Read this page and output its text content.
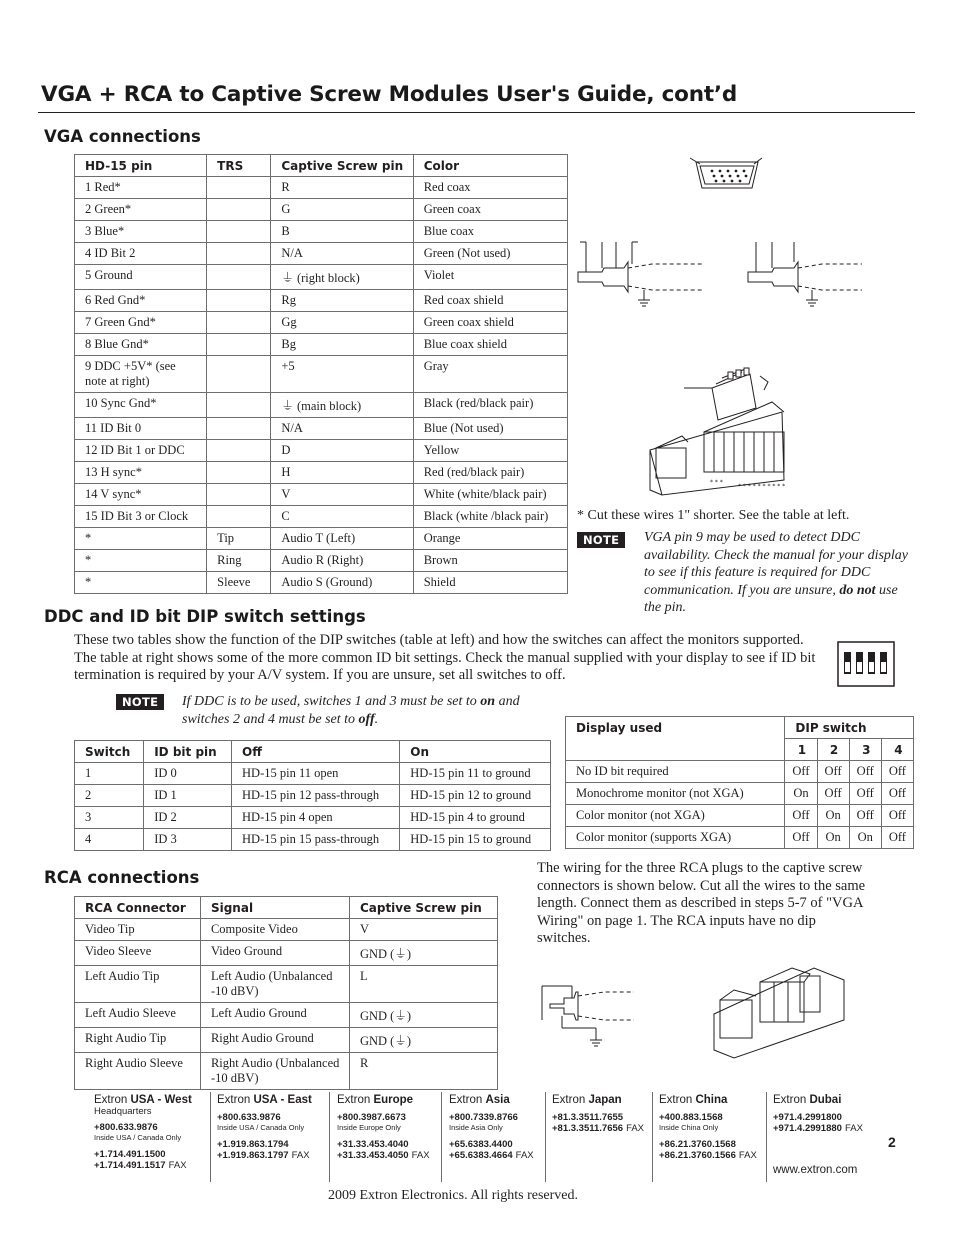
VGA + RCA to Captive Screw Modules User's Guide, cont’d
VGA connections
HD-15 pin	TRS	Captive Screw pin	Color
1 Red*		R	Red coax
2 Green*		G	Green coax
3 Blue*		B	Blue coax
4 ID Bit 2		N/A	Green (Not used)
5 Ground		⏚ (right block)	Violet
6 Red Gnd*		Rg	Red coax shield
7 Green Gnd*		Gg	Green coax shield
8 Blue Gnd*		Bg	Blue coax shield
9 DDC +5V* (see note at right)		+5	Gray
10 Sync Gnd*		⏚ (main block)	Black (red/black pair)
11 ID Bit 0		N/A	Blue (Not used)
12 ID Bit 1 or DDC		D	Yellow
13 H sync*		H	Red (red/black pair)
14 V sync*		V	White (white/black pair)
15 ID Bit 3 or Clock		C	Black (white /black pair)
*	Tip	Audio T (Left)	Orange
*	Ring	Audio R (Right)	Brown
*	Sleeve	Audio S (Ground)	Shield
* * *
* * * * * * * * * *
* Cut these wires 1" shorter. See the table at left.
NOTE	VGA pin 9 may be used to detect DDC availability. Check the manual for your display to see if this feature is required for DDC communication. If you are unsure, do not use the pin.
DDC and ID bit DIP switch settings
These two tables show the function of the DIP switches (table at left) and how the switches can affect the monitors supported. The table at right shows some of the more common ID bit settings. Check the manual supplied with your display to see if ID bit termination is required by your A/V system. If you are unsure, set all switches to off.
NOTE	If DDC is to be used, switches 1 and 3 must be set to on and switches 2 and 4 must be set to off.
Switch	ID bit pin	Off	On
1	ID 0	HD-15 pin 11 open	HD-15 pin 11 to ground
2	ID 1	HD-15 pin 12 pass-through	HD-15 pin 12 to ground
3	ID 2	HD-15 pin 4 open	HD-15 pin 4 to ground
4	ID 3	HD-15 pin 15 pass-through	HD-15 pin 15 to ground
Display used	DIP switch			
	1	2	3	4
No ID bit required	Off	Off	Off	Off
Monochrome monitor (not XGA)	On	Off	Off	Off
Color monitor (not XGA)	Off	On	Off	Off
Color monitor (supports XGA)	Off	On	On	Off
RCA connections
RCA Connector	Signal	Captive Screw pin
Video Tip	Composite Video	V
Video Sleeve	Video Ground	GND (⏚)
Left Audio Tip	Left Audio (Unbalanced -10 dBV)	L
Left Audio Sleeve	Left Audio Ground	GND (⏚)
Right Audio Tip	Right Audio Ground	GND (⏚)
Right Audio Sleeve	Right Audio (Unbalanced -10 dBV)	R
The wiring for the three RCA plugs to the captive screw connectors is shown below. Cut all the wires to the same length. Connect them as described in steps 5-7 of "VGA Wiring" on page 1. The RCA inputs have no dip switches.
Extron USA - West
Headquarters
+800.633.9876
Inside USA / Canada Only
+1.714.491.1500
+1.714.491.1517 FAX
Extron USA - East
+800.633.9876
Inside USA / Canada Only
+1.919.863.1794
+1.919.863.1797 FAX
Extron Europe
+800.3987.6673
Inside Europe Only
+31.33.453.4040
+31.33.453.4050 FAX
Extron Asia
+800.7339.8766
Inside Asia Only
+65.6383.4400
+65.6383.4664 FAX
Extron Japan
+81.3.3511.7655
+81.3.3511.7656 FAX
Extron China
+400.883.1568
Inside China Only
+86.21.3760.1568
+86.21.3760.1566 FAX
Extron Dubai
+971.4.2991800
+971.4.2991880 FAX
www.extron.com
2
2009 Extron Electronics. All rights reserved.
